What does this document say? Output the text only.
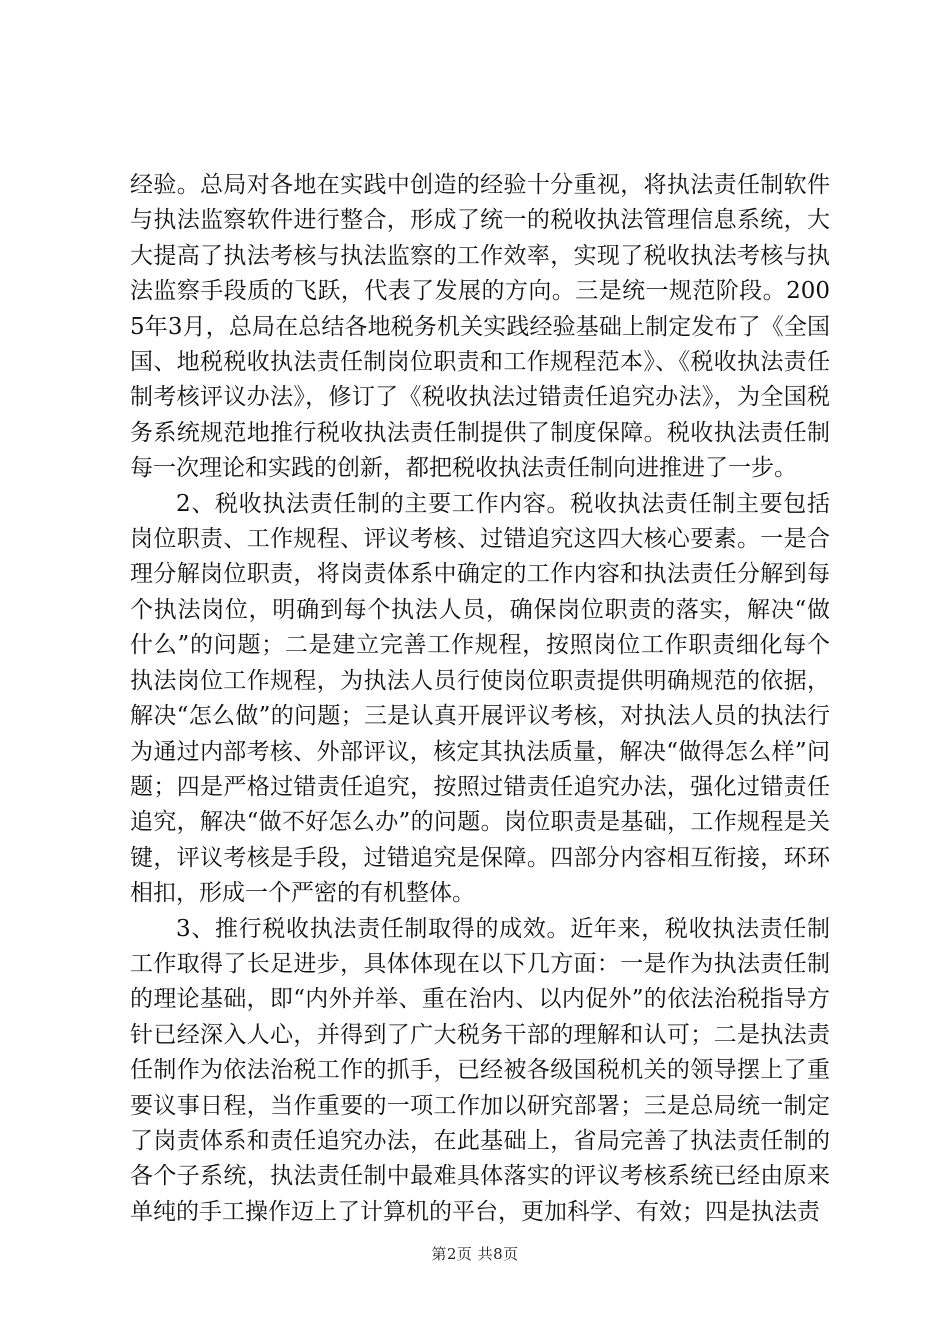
经验。总局对各地在实践中创造的经验十分重视，将执法责任制软件与执法监察软件进行整合，形成了统一的税收执法管理信息系统，大大提高了执法考核与执法监察的工作效率，实现了税收执法考核与执法监察手段质的飞跃，代表了发展的方向。三是统一规范阶段。2005年3月，总局在总结各地税务机关实践经验基础上制定发布了《全国国、地税税收执法责任制岗位职责和工作规程范本》、《税收执法责任制考核评议办法》，修订了《税收执法过错责任追究办法》，为全国税务系统规范地推行税收执法责任制提供了制度保障。税收执法责任制每一次理论和实践的创新，都把税收执法责任制向进推进了一步。

2、税收执法责任制的主要工作内容。税收执法责任制主要包括岗位职责、工作规程、评议考核、过错追究这四大核心要素。一是合理分解岗位职责，将岗责体系中确定的工作内容和执法责任分解到每个执法岗位，明确到每个执法人员，确保岗位职责的落实，解决“做什么”的问题；二是建立完善工作规程，按照岗位工作职责细化每个执法岗位工作规程，为执法人员行使岗位职责提供明确规范的依据，解决“怎么做”的问题；三是认真开展评议考核，对执法人员的执法行为通过内部考核、外部评议，核定其执法质量，解决“做得怎么样”问题；四是严格过错责任追究，按照过错责任追究办法，强化过错责任追究，解决“做不好怎么办”的问题。岗位职责是基础，工作规程是关键，评议考核是手段，过错追究是保障。四部分内容相互衔接，环环相扣，形成一个严密的有机整体。

3、推行税收执法责任制取得的成效。近年来，税收执法责任制工作取得了长足进步，具体体现在以下几方面：一是作为执法责任制的理论基础，即“内外并举、重在治内、以内促外”的依法治税指导方针已经深入人心，并得到了广大税务干部的理解和认可；二是执法责任制作为依法治税工作的抓手，已经被各级国税机关的领导摆上了重要议事日程，当作重要的一项工作加以研究部署；三是总局统一制定了岗责体系和责任追究办法，在此基础上，省局完善了执法责任制的各个子系统，执法责任制中最难具体落实的评议考核系统已经由原来单纯的手工操作迈上了计算机的平台，更加科学、有效；四是执法责

第2页 共8页
